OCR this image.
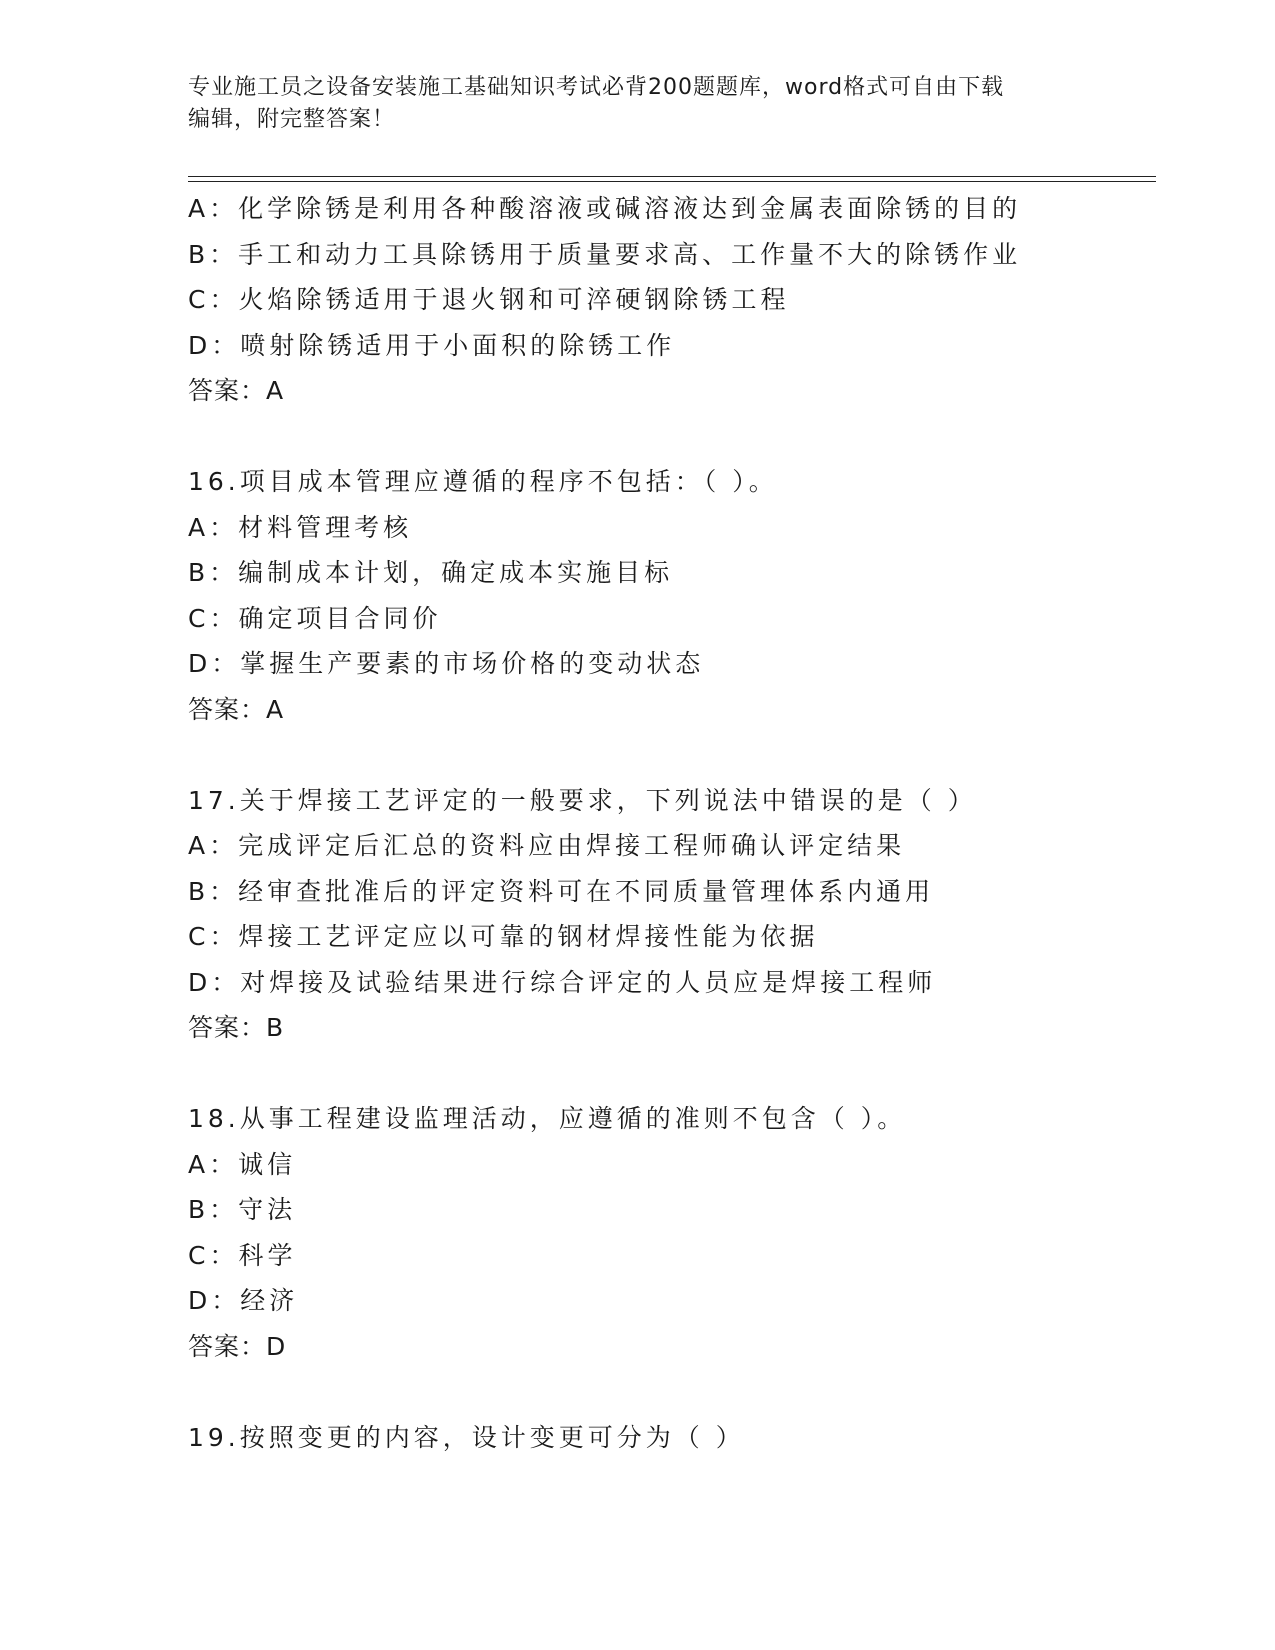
专业施工员之设备安装施工基础知识考试必背200题题库，word格式可自由下载
编辑，附完整答案！
A：化学除锈是利用各种酸溶液或碱溶液达到金属表面除锈的目的
B：手工和动力工具除锈用于质量要求高、工作量不大的除锈作业
C：火焰除锈适用于退火钢和可淬硬钢除锈工程
D：喷射除锈适用于小面积的除锈工作
答案：A
16.项目成本管理应遵循的程序不包括：（ ）。
A：材料管理考核
B：编制成本计划，确定成本实施目标
C：确定项目合同价
D：掌握生产要素的市场价格的变动状态
答案：A
17.关于焊接工艺评定的一般要求，下列说法中错误的是（ ）
A：完成评定后汇总的资料应由焊接工程师确认评定结果
B：经审查批准后的评定资料可在不同质量管理体系内通用
C：焊接工艺评定应以可靠的钢材焊接性能为依据
D：对焊接及试验结果进行综合评定的人员应是焊接工程师
答案：B
18.从事工程建设监理活动，应遵循的准则不包含（ ）。
A：诚信
B：守法
C：科学
D：经济
答案：D
19.按照变更的内容，设计变更可分为（ ）
